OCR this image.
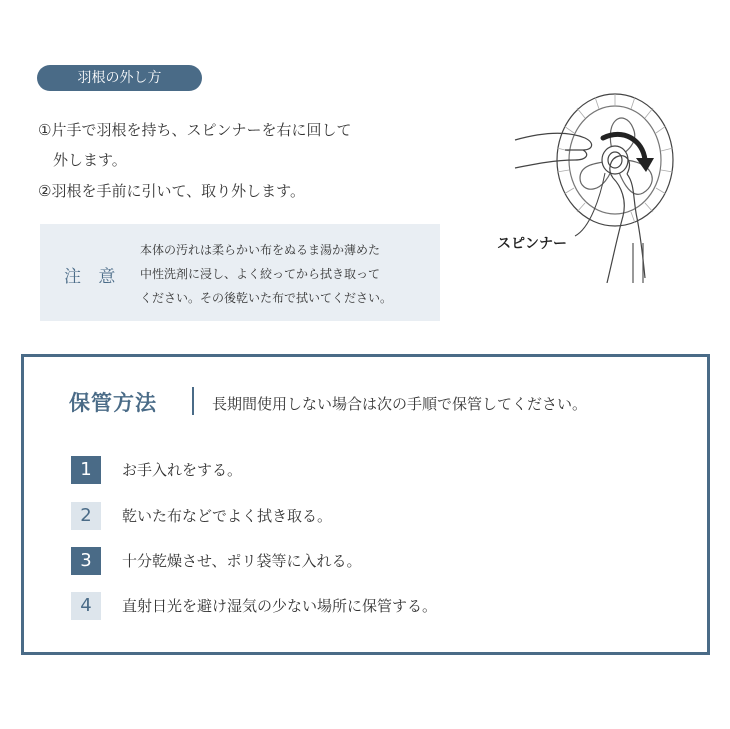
羽根の外し方
①片手で羽根を持ち、スピンナーを右に回して
　外します。
②羽根を手前に引いて、取り外します。
注 意
本体の汚れは柔らかい布をぬるま湯か薄めた
中性洗剤に浸し、よく絞ってから拭き取って
ください。その後乾いた布で拭いてください。
スピンナー
保管方法	長期間使用しない場合は次の手順で保管してください。
1	お手入れをする。
2	乾いた布などでよく拭き取る。
3	十分乾燥させ、ポリ袋等に入れる。
4	直射日光を避け湿気の少ない場所に保管する。
